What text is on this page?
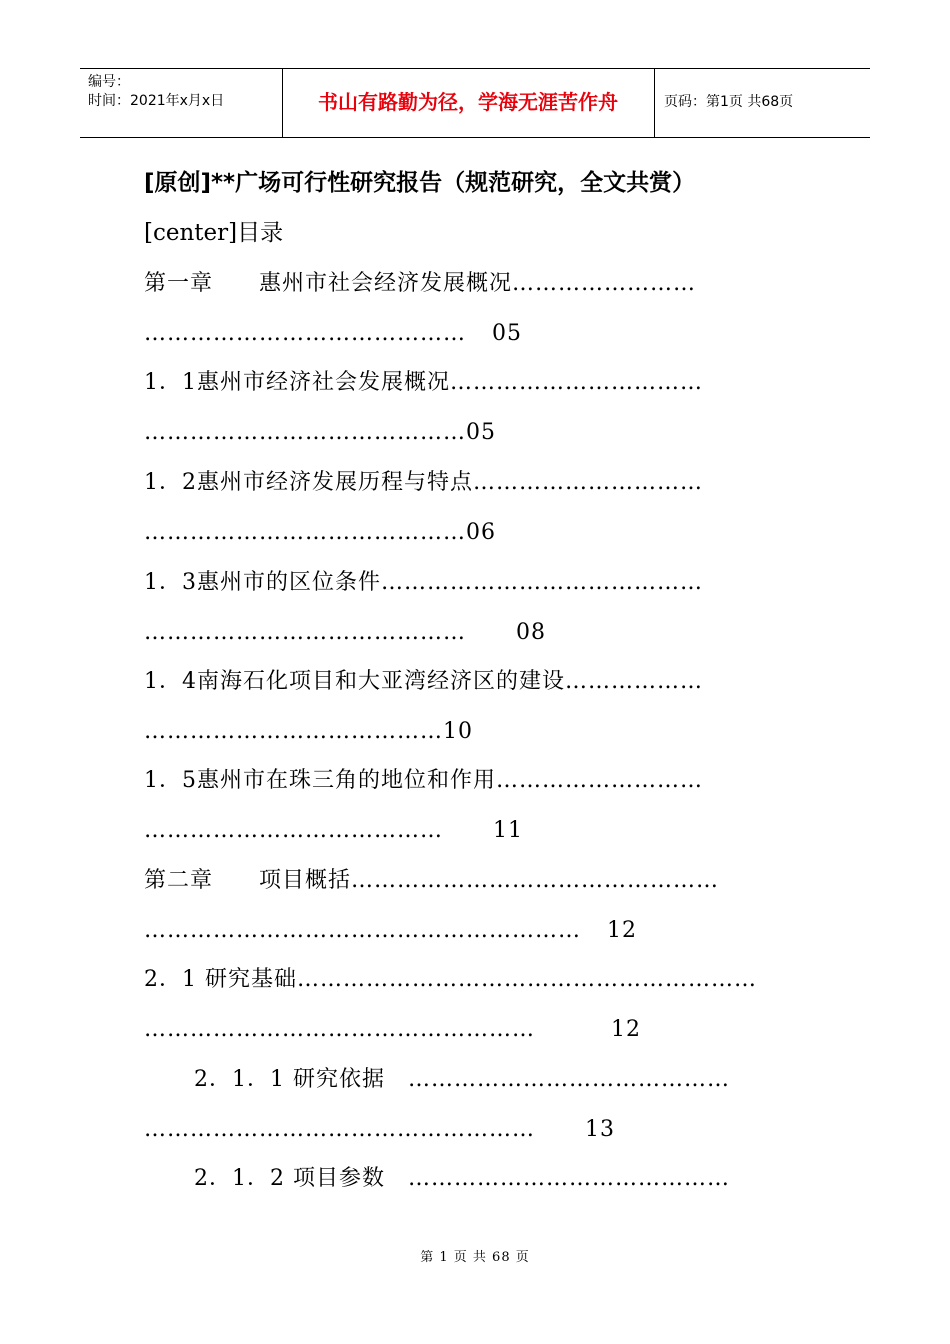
编号：
时间：2021年x月x日	书山有路勤为径，学海无涯苦作舟	页码：第1页 共68页
[原创]**广场可行性研究报告（规范研究，全文共赏）
[center]目录
第一章　　惠州市社会经济发展概况……………………
…………………………………… 05
1．1惠州市经济社会发展概况……………………………
……………………………………05
1．2惠州市经济发展历程与特点…………………………
……………………………………06
1．3惠州市的区位条件……………………………………
…………………………………… 08
1．4南海石化项目和大亚湾经济区的建设………………
…………………………………10
1．5惠州市在珠三角的地位和作用………………………
………………………………… 11
第二章　　项目概括…………………………………………
………………………………………………… 12
2．1 研究基础……………………………………………………
……………………………………………	12
2．1．1 研究依据　……………………………………
…………………………………………… 13
2．1．2 项目参数　……………………………………
第 1 页 共 68 页
